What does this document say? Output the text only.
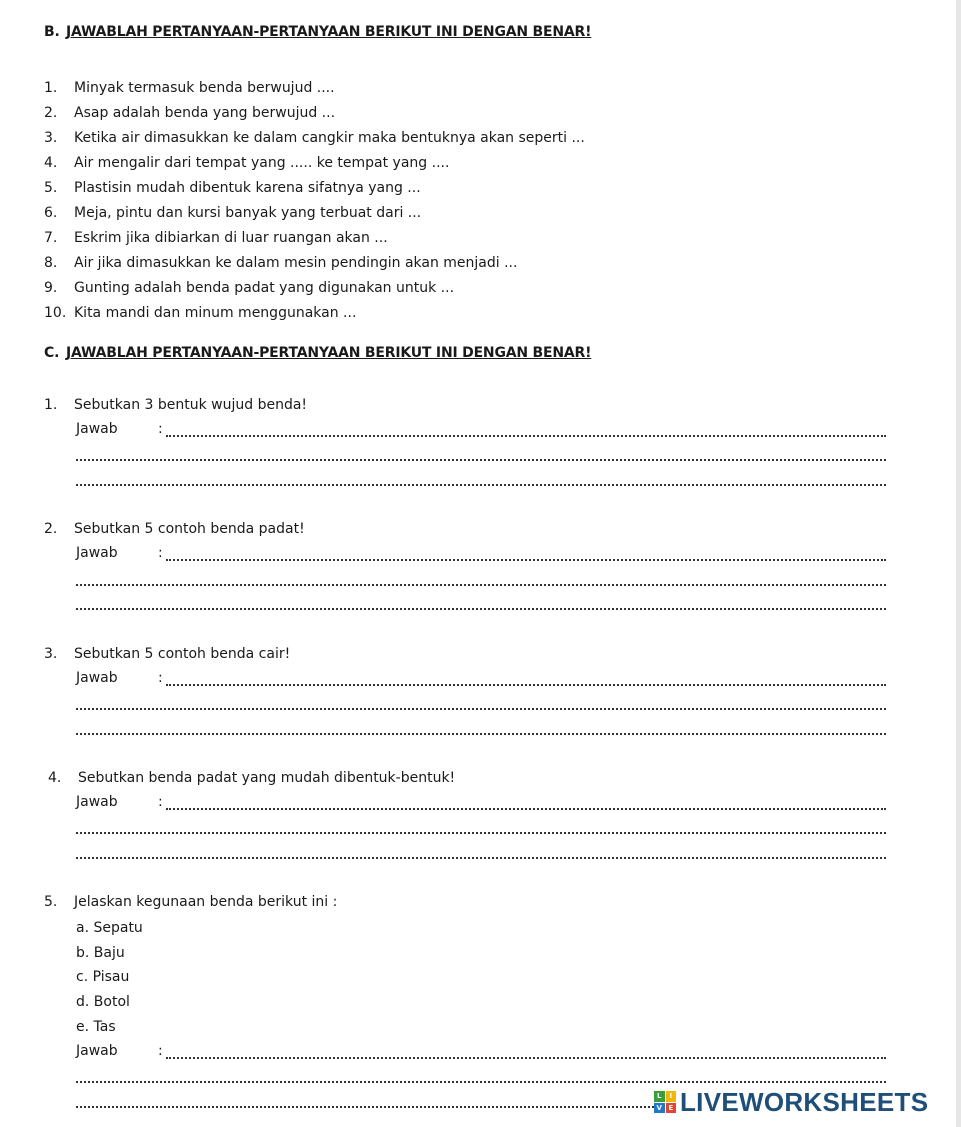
B. JAWABLAH PERTANYAAN-PERTANYAAN BERIKUT INI DENGAN BENAR!
1. Minyak termasuk benda berwujud ....
2. Asap adalah benda yang berwujud ...
3. Ketika air dimasukkan ke dalam cangkir maka bentuknya akan seperti ...
4. Air mengalir dari tempat yang ..... ke tempat yang ....
5. Plastisin mudah dibentuk karena sifatnya yang ...
6. Meja, pintu dan kursi banyak yang terbuat dari ...
7. Eskrim jika dibiarkan di luar ruangan akan ...
8. Air jika dimasukkan ke dalam mesin pendingin akan menjadi ...
9. Gunting adalah benda padat yang digunakan untuk ...
10. Kita mandi dan minum menggunakan ...
C. JAWABLAH PERTANYAAN-PERTANYAAN BERIKUT INI DENGAN BENAR!
1. Sebutkan 3 bentuk wujud benda!
Jawab	:
2. Sebutkan 5 contoh benda padat!
Jawab	:
3. Sebutkan 5 contoh benda cair!
Jawab	:
4. Sebutkan benda padat yang mudah dibentuk-bentuk!
Jawab	:
5. Jelaskan kegunaan benda berikut ini :
a. Sepatu
b. Baju
c. Pisau
d. Botol
e. Tas
Jawab	:
L	I
V E LIVEWORKSHEETS
